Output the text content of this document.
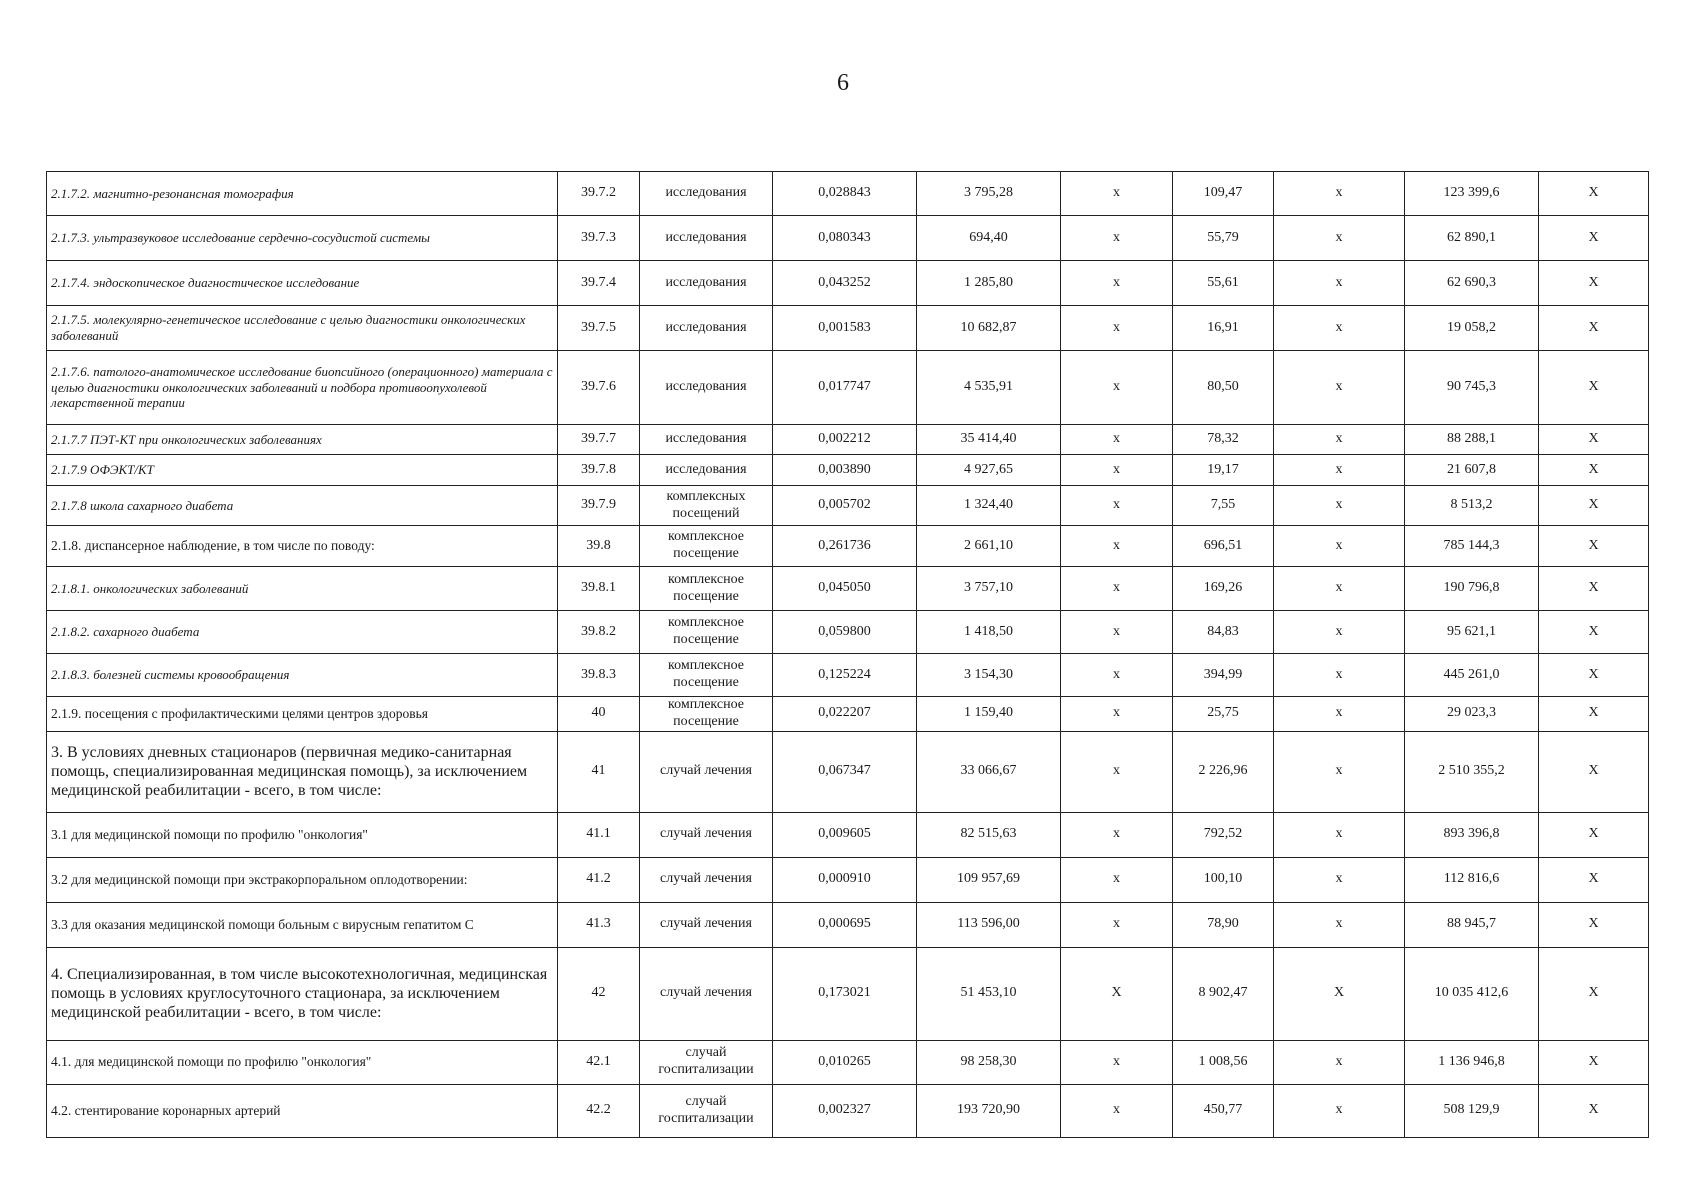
6
2.1.7.2. магнитно-резонансная томография	39.7.2	исследования	0,028843	3 795,28	x	109,47	x	123 399,6	X
2.1.7.3. ультразвуковое исследование сердечно-сосудистой системы	39.7.3	исследования	0,080343	694,40	x	55,79	x	62 890,1	X
2.1.7.4. эндоскопическое диагностическое исследование	39.7.4	исследования	0,043252	1 285,80	x	55,61	x	62 690,3	X
2.1.7.5. молекулярно-генетическое исследование с целью диагностики онкологических заболеваний	39.7.5	исследования	0,001583	10 682,87	x	16,91	x	19 058,2	X
2.1.7.6. патолого-анатомическое исследование биопсийного (операционного) материала с целью диагностики онкологических заболеваний и подбора противоопухолевой лекарственной терапии	39.7.6	исследования	0,017747	4 535,91	x	80,50	x	90 745,3	X
2.1.7.7 ПЭТ-КТ при онкологических заболеваниях	39.7.7	исследования	0,002212	35 414,40	x	78,32	x	88 288,1	X
2.1.7.9 ОФЭКТ/КТ	39.7.8	исследования	0,003890	4 927,65	x	19,17	x	21 607,8	X
2.1.7.8 школа сахарного диабета	39.7.9	комплексных посещений	0,005702	1 324,40	x	7,55	x	8 513,2	X
2.1.8. диспансерное наблюдение, в том числе по поводу:	39.8	комплексное посещение	0,261736	2 661,10	x	696,51	x	785 144,3	X
2.1.8.1. онкологических заболеваний	39.8.1	комплексное посещение	0,045050	3 757,10	x	169,26	x	190 796,8	X
2.1.8.2. сахарного диабета	39.8.2	комплексное посещение	0,059800	1 418,50	x	84,83	x	95 621,1	X
2.1.8.3. болезней системы кровообращения	39.8.3	комплексное посещение	0,125224	3 154,30	x	394,99	x	445 261,0	X
2.1.9. посещения с профилактическими целями центров здоровья	40	комплексное посещение	0,022207	1 159,40	x	25,75	x	29 023,3	X
3. В условиях дневных стационаров (первичная медико-санитарная помощь, специализированная медицинская помощь), за исключением медицинской реабилитации - всего, в том числе:	41	случай лечения	0,067347	33 066,67	x	2 226,96	x	2 510 355,2	X
3.1 для медицинской помощи по профилю "онкология"	41.1	случай лечения	0,009605	82 515,63	x	792,52	x	893 396,8	X
3.2 для медицинской помощи при экстракорпоральном оплодотворении:	41.2	случай лечения	0,000910	109 957,69	x	100,10	x	112 816,6	X
3.3 для оказания медицинской помощи больным с вирусным гепатитом С	41.3	случай лечения	0,000695	113 596,00	x	78,90	x	88 945,7	X
4. Специализированная, в том числе высокотехнологичная, медицинская помощь в условиях круглосуточного стационара, за исключением медицинской реабилитации - всего, в том числе:	42	случай лечения	0,173021	51 453,10	X	8 902,47	X	10 035 412,6	X
4.1. для медицинской помощи по профилю "онкология"	42.1	случай госпитализации	0,010265	98 258,30	x	1 008,56	x	1 136 946,8	X
4.2. стентирование коронарных артерий	42.2	случай госпитализации	0,002327	193 720,90	x	450,77	x	508 129,9	X
